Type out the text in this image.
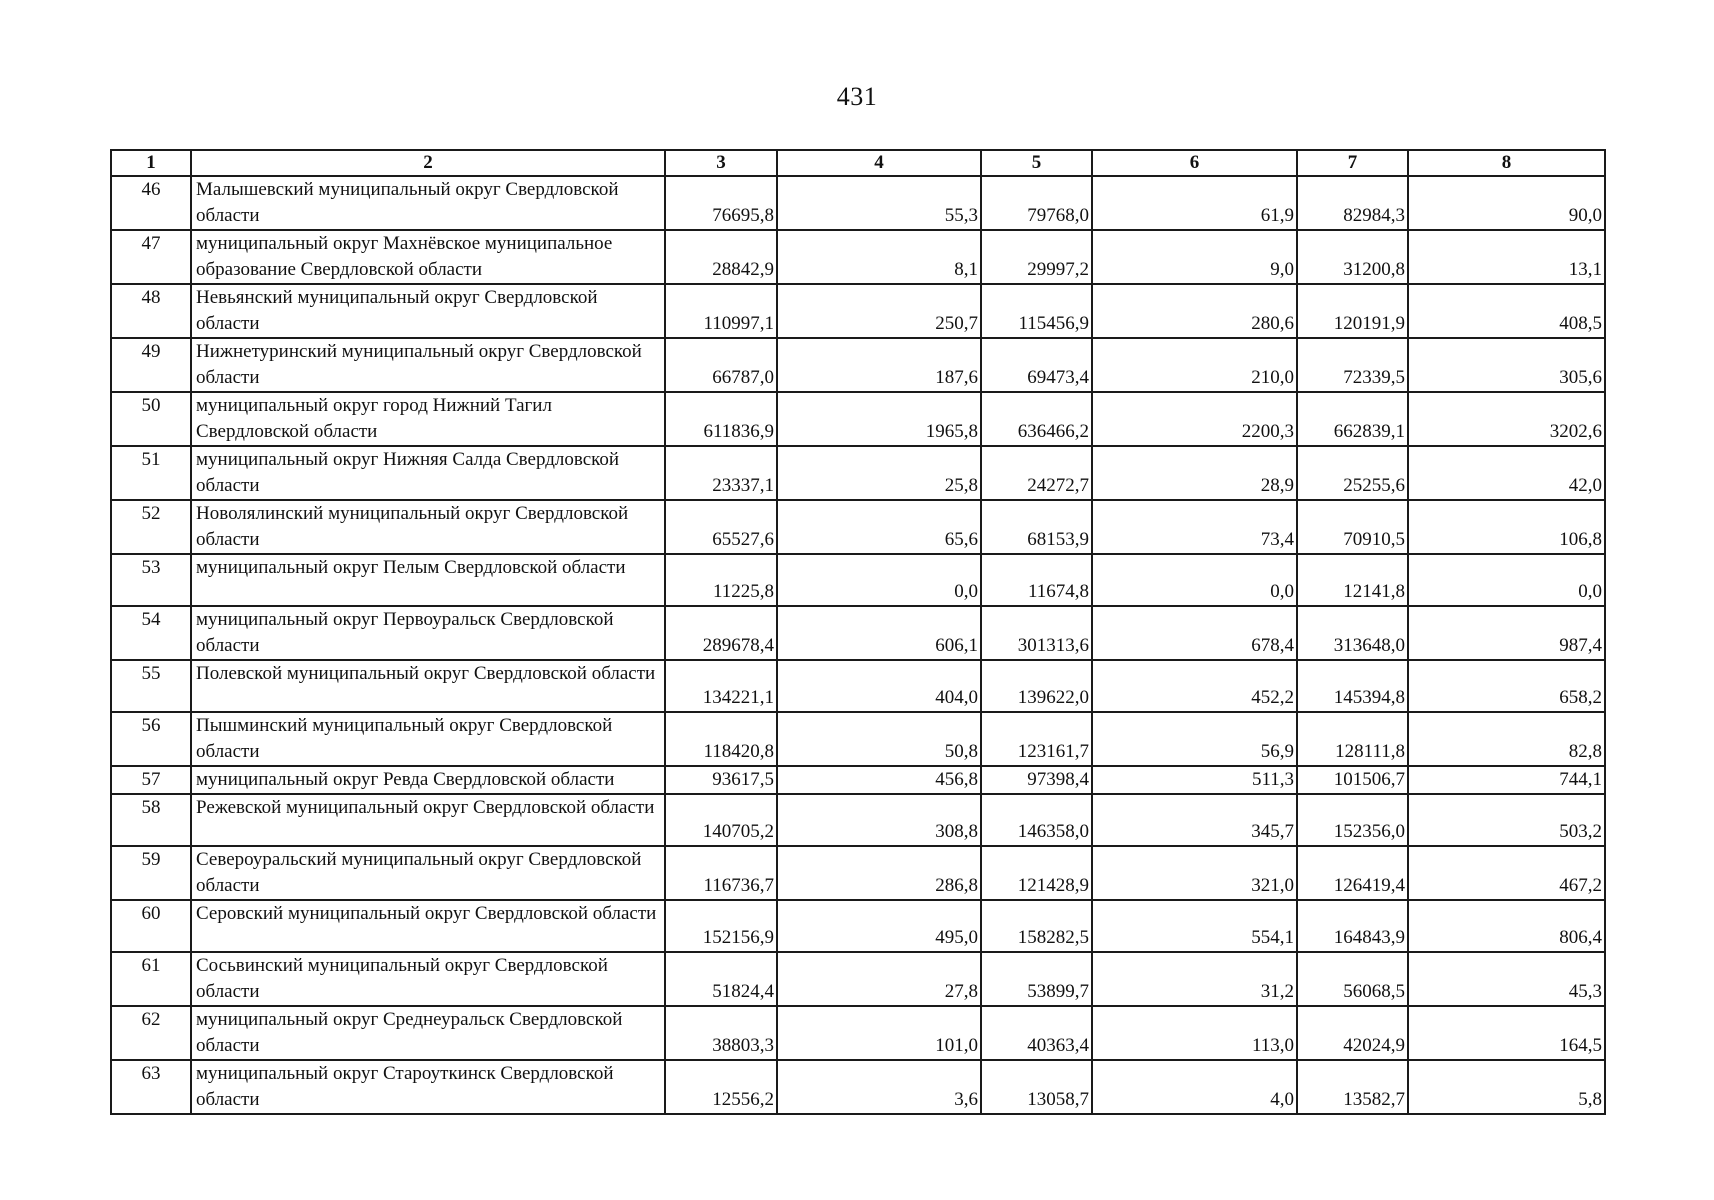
431
1	2	3	4	5	6	7	8
46	Малышевский муниципальный округ Свердловской области	76695,8	55,3	79768,0	61,9	82984,3	90,0
47	муниципальный округ Махнёвское муниципальное образование Свердловской области	28842,9	8,1	29997,2	9,0	31200,8	13,1
48	Невьянский муниципальный округ Свердловской области	110997,1	250,7	115456,9	280,6	120191,9	408,5
49	Нижнетуринский муниципальный округ Свердловской области	66787,0	187,6	69473,4	210,0	72339,5	305,6
50	муниципальный округ город Нижний Тагил Свердловской области	611836,9	1965,8	636466,2	2200,3	662839,1	3202,6
51	муниципальный округ Нижняя Салда Свердловской области	23337,1	25,8	24272,7	28,9	25255,6	42,0
52	Новолялинский муниципальный округ Свердловской области	65527,6	65,6	68153,9	73,4	70910,5	106,8
53	муниципальный округ Пелым Свердловской области	11225,8	0,0	11674,8	0,0	12141,8	0,0
54	муниципальный округ Первоуральск Свердловской области	289678,4	606,1	301313,6	678,4	313648,0	987,4
55	Полевской муниципальный округ Свердловской области	134221,1	404,0	139622,0	452,2	145394,8	658,2
56	Пышминский муниципальный округ Свердловской области	118420,8	50,8	123161,7	56,9	128111,8	82,8
57	муниципальный округ Ревда Свердловской области	93617,5	456,8	97398,4	511,3	101506,7	744,1
58	Режевской муниципальный округ Свердловской области	140705,2	308,8	146358,0	345,7	152356,0	503,2
59	Североуральский муниципальный округ Свердловской области	116736,7	286,8	121428,9	321,0	126419,4	467,2
60	Серовский муниципальный округ Свердловской области	152156,9	495,0	158282,5	554,1	164843,9	806,4
61	Сосьвинский муниципальный округ Свердловской области	51824,4	27,8	53899,7	31,2	56068,5	45,3
62	муниципальный округ Среднеуральск Свердловской области	38803,3	101,0	40363,4	113,0	42024,9	164,5
63	муниципальный округ Староуткинск Свердловской области	12556,2	3,6	13058,7	4,0	13582,7	5,8
